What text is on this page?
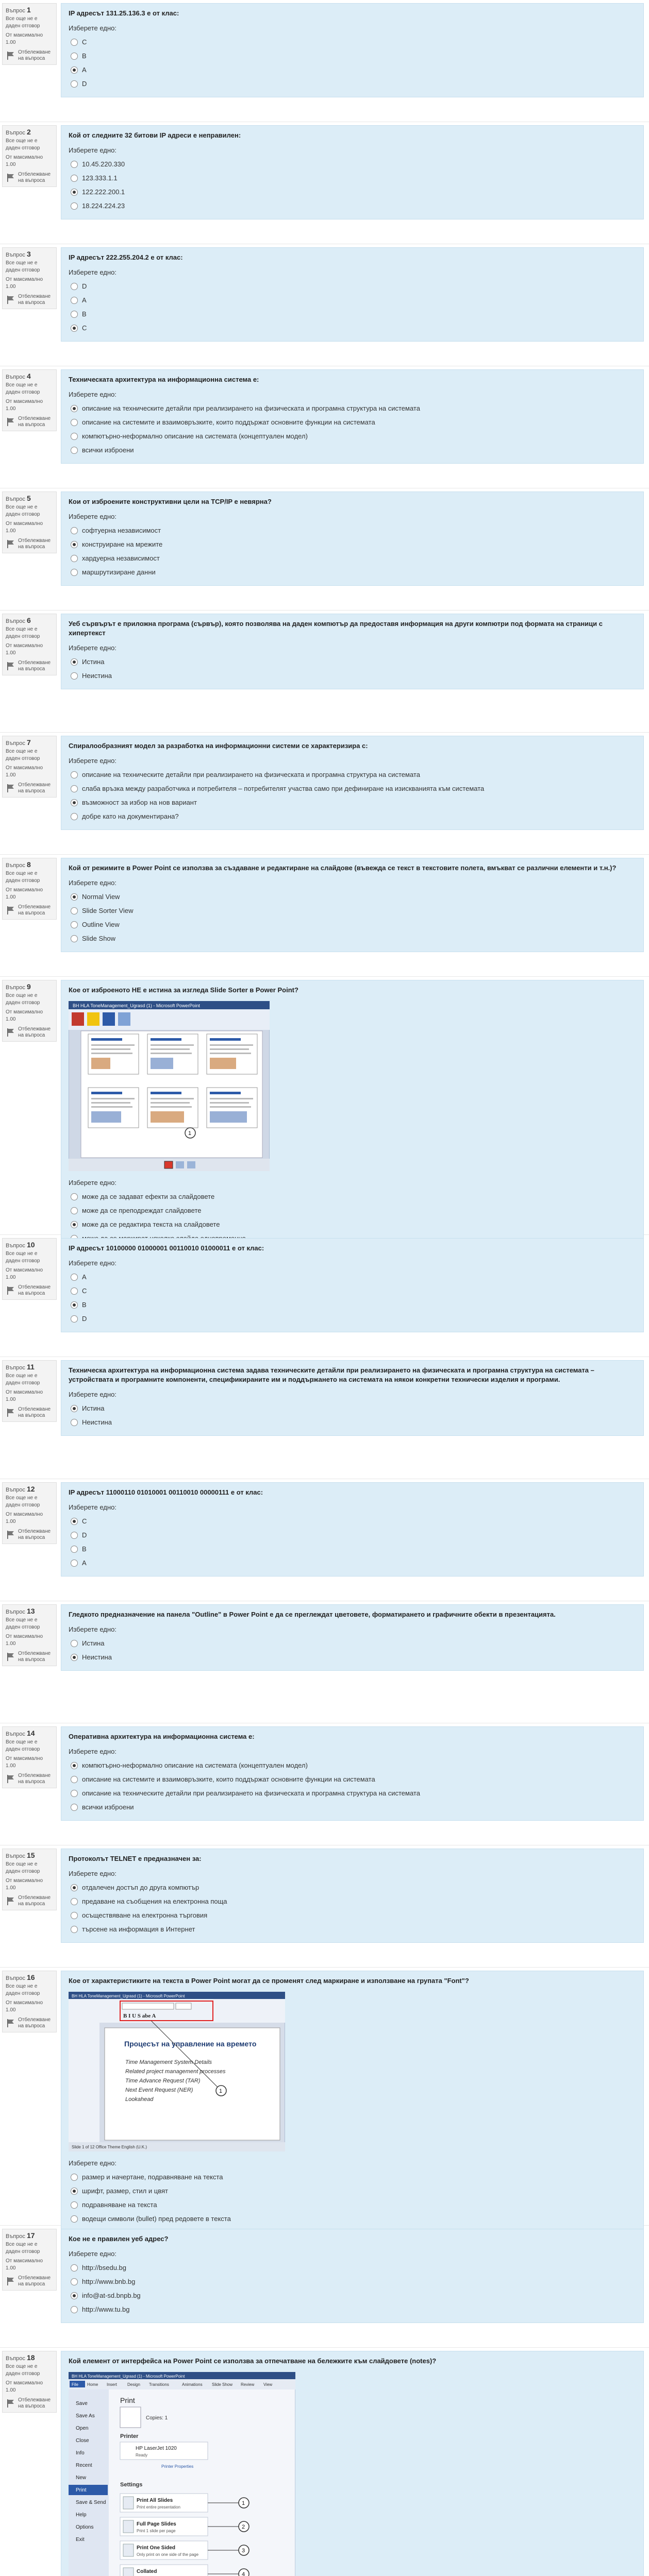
Въпрос 1
Все още не е даден отговор
От максимално 1.00
Отбележване на въпроса
IP адресът 131.25.136.3 е от клас:
Изберете едно:
C
B
A
D
Въпрос 2
Все още не е даден отговор
От максимално 1.00
Отбележване на въпроса
Кой от следните 32 битови IP адреси е неправилен:
Изберете едно:
10.45.220.330
123.333.1.1
122.222.200.1
18.224.224.23
Въпрос 3
Все още не е даден отговор
От максимално 1.00
Отбележване на въпроса
IP адресът 222.255.204.2 е от клас:
Изберете едно:
D
A
B
C
Въпрос 4
Все още не е даден отговор
От максимално 1.00
Отбележване на въпроса
Техническата архитектура на информационна система е:
Изберете едно:
описание на техническите детайли при реализирането на физическата и програмна структура на системата
описание на системите и взаимовръзките, които поддържат основните функции на системата
компютърно-неформално описание на системата (концептуален модел)
всички изброени
Въпрос 5
Все още не е даден отговор
От максимално 1.00
Отбележване на въпроса
Кои от изброените конструктивни цели на TCP/IP е невярна?
Изберете едно:
софтуерна независимост
конструиране на мрежите
хардуерна независимост
маршрутизиране данни
Въпрос 6
Все още не е даден отговор
От максимално 1.00
Отбележване на въпроса
Уеб сървърът е приложна програма (сървър), която позволява на даден компютър да предоставя информация на други компютри под формата на страници с хипертекст
Изберете едно:
Истина
Неистина
Въпрос 7
Все още не е даден отговор
От максимално 1.00
Отбележване на въпроса
Спиралообразният модел за разработка на информационни системи се характеризира с:
Изберете едно:
описание на техническите детайли при реализирането на физическата и програмна структура на системата
слаба връзка между разработчика и потребителя – потребителят участва само при дефиниране на изискванията към системата
възможност за избор на нов вариант
добре като на документирана?
Въпрос 8
Все още не е даден отговор
От максимално 1.00
Отбележване на въпроса
Кой от режимите в Power Point се използва за създаване и редактиране на слайдове (въвежда се текст в текстовите полета, вмъкват се различни елементи и т.н.)?
Изберете едно:
Normal View
Slide Sorter View
Outline View
Slide Show
Въпрос 9
Все още не е даден отговор
От максимално 1.00
Отбележване на въпроса
Кое от изброеното НЕ е истина за изгледа Slide Sorter в Power Point?
BH HLA ToneManagement_Ugrasd (1) - Microsoft PowerPoint
1
Изберете едно:
може да се задават ефекти за слайдовете
може да се преподреждат слайдовете
може да се редактира текста на слайдовете
Въпрос 10
Все още не е даден отговор
От максимално 1.00
Отбележване на въпроса
IP адресът 10100000 01000001 00110010 01000011 е от клас:
Изберете едно:
A
C
B
D
Въпрос 11
Все още не е даден отговор
От максимално 1.00
Отбележване на въпроса
Техническа архитектура на информационна система задава техническите детайли при реализирането на физическата и програмна структура на системата – устройствата и програмните компоненти, спецификираните им и поддържането на системата на някои конкретни технически изделия и програми.
Изберете едно:
Истина
Неистина
Въпрос 12
Все още не е даден отговор
От максимално 1.00
Отбележване на въпроса
IP адресът 11000110 01010001 00110010 00000111 е от клас:
Изберете едно:
C
D
B
A
Въпрос 13
Все още не е даден отговор
От максимално 1.00
Отбележване на въпроса
Гледкото предназначение на панела "Outline" в Power Point е да се преглеждат цветовете, форматирането и графичните обекти в презентацията.
Изберете едно:
Истина
Неистина
Въпрос 14
Все още не е даден отговор
От максимално 1.00
Отбележване на въпроса
Оперативна архитектура на информационна система е:
Изберете едно:
компютърно-неформално описание на системата (концептуален модел)
описание на системите и взаимовръзките, които поддържат основните функции на системата
описание на техническите детайли при реализирането на физическата и програмна структура на системата
всички изброени
Въпрос 15
Все още не е даден отговор
От максимално 1.00
Отбележване на въпроса
Протоколът TELNET е предназначен за:
Изберете едно:
отдалечен достъп до друга компютър
предаване на съобщения на електронна поща
осъществяване на електронна търговия
търсене на информация в Интернет
Въпрос 16
Все още не е даден отговор
От максимално 1.00
Отбележване на въпроса
Кое от характеристиките на текста в Power Point могат да се променят след маркиране и използване на групата "Font"?
BH HLA ToneManagement_Ugrasd (1) - Microsoft PowerPoint
B I U S abe A
Процесът на управление на времето
Time Management System Details
Related project management processes
Time Advance Request (TAR)
Next Event Request (NER)
Lookahead
1
Slide 1 of 12 Office Theme English (U.K.)
Изберете едно:
размер и начертане, подравняване на текста
шрифт, размер, стил и цвят
подравняване на текста
водещи символи (bullet) пред редовете в текста
Въпрос 17
Все още не е даден отговор
От максимално 1.00
Отбележване на въпроса
Кое не е правилен уеб адрес?
Изберете едно:
http://bsedu.bg
http://www.bnb.bg
info@at-sd.bnpb.bg
http://www.tu.bg
Въпрос 18
Все още не е даден отговор
От максимално 1.00
Отбележване на въпроса
Кой елемент от интерфейса на Power Point се използва за отпечатване на бележките към слайдовете (notes)?
BH HLA ToneManagement_Ugrasd (1) - Microsoft PowerPoint
File Home Insert Design Transitions	Animations Slide Show Review View
Save
Save As
Open
Close
Info
Recent
New
Print
Save & Send
Help
Options
Exit
Print
Copies: 1
Printer
HP LaserJet 1020
Ready
Printer Properties
Settings
Print All Slides
Print entire presentation
1
Full Page Slides
Print 1 slide per page
2
Print One Sided
Only print on one side of the page
3
Collated	4
